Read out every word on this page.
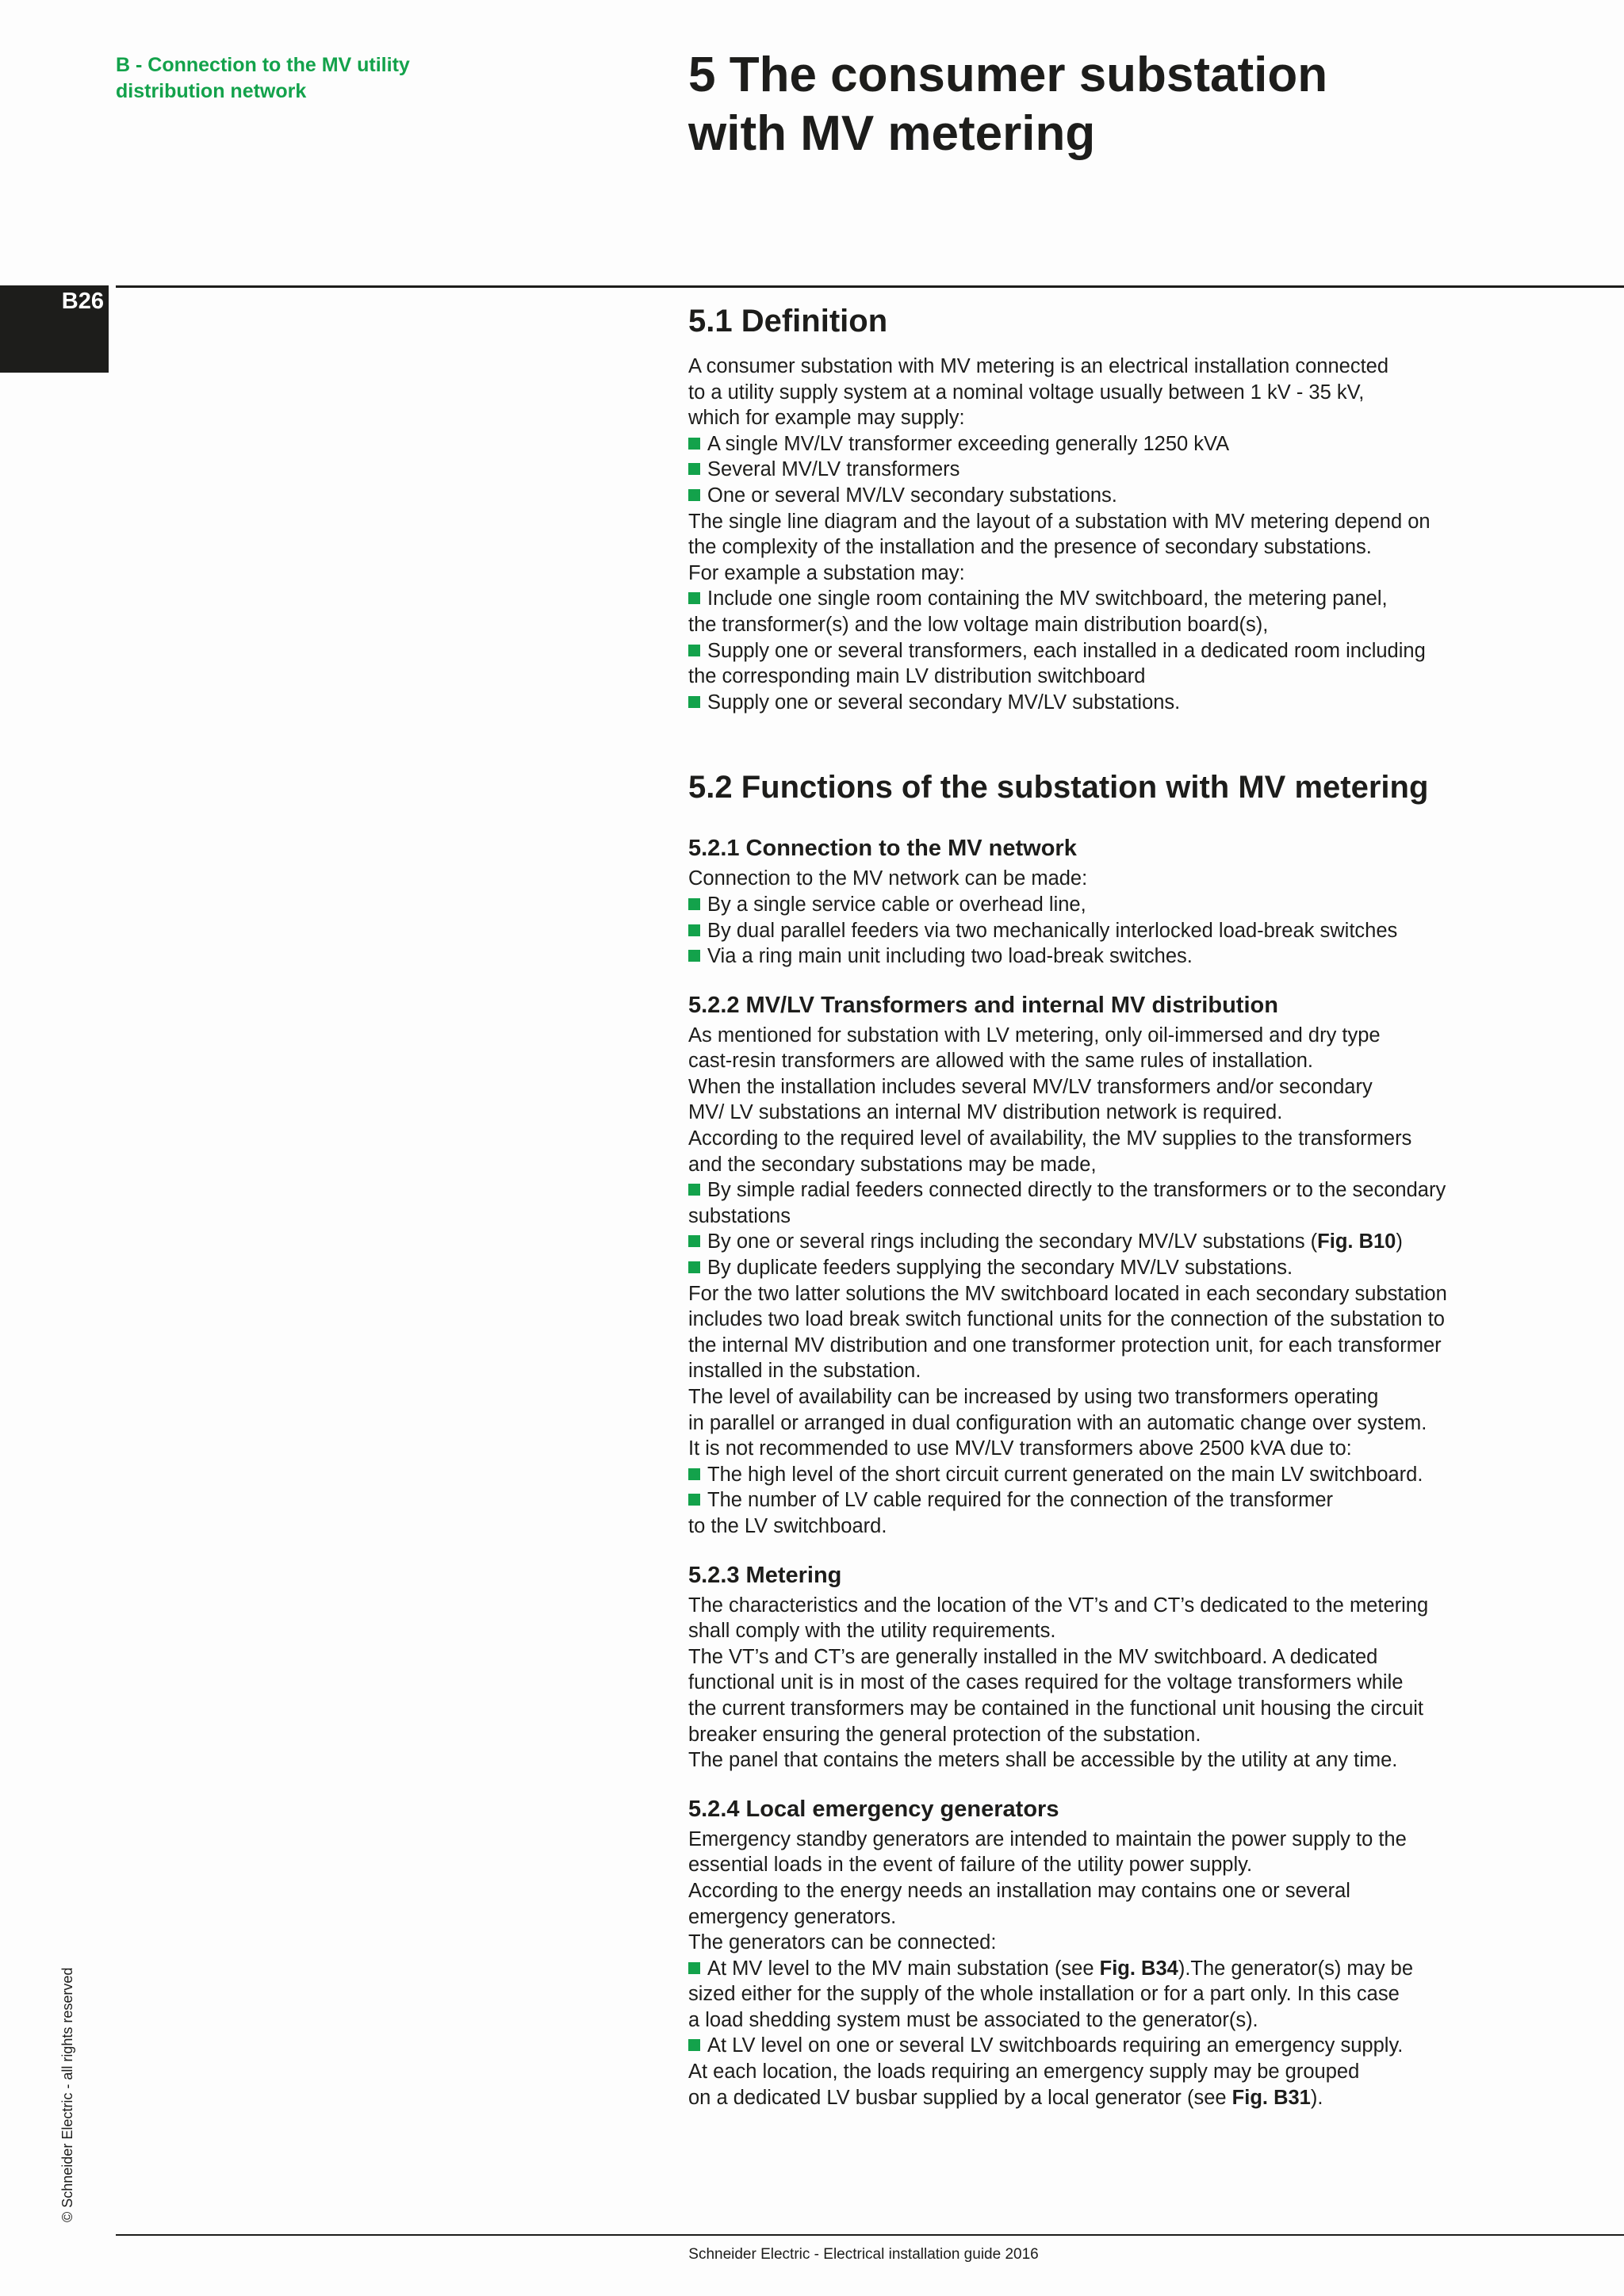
B - Connection to the MV utility distribution network	5 The consumer substation
with MV metering
B26
© Schneider Electric - all rights reserved
5.1 Definition
A consumer substation with MV metering is an electrical installation connected
to a utility supply system at a nominal voltage usually between 1 kV - 35 kV,
which for example may supply:
A single MV/LV transformer exceeding generally 1250 kVA
Several MV/LV transformers
One or several MV/LV secondary substations.
The single line diagram and the layout of a substation with MV metering depend on
the complexity of the installation and the presence of secondary substations.
For example a substation may:
Include one single room containing the MV switchboard, the metering panel,
the transformer(s) and the low voltage main distribution board(s),
Supply one or several transformers, each installed in a dedicated room including
the corresponding main LV distribution switchboard
Supply one or several secondary MV/LV substations.
5.2 Functions of the substation with MV metering
5.2.1 Connection to the MV network
Connection to the MV network can be made:
By a single service cable or overhead line,
By dual parallel feeders via two mechanically interlocked load-break switches
Via a ring main unit including two load-break switches.
5.2.2 MV/LV Transformers and internal MV distribution
As mentioned for substation with LV metering, only oil-immersed and dry type
cast-resin transformers are allowed with the same rules of installation.
When the installation includes several MV/LV transformers and/or secondary
MV/ LV substations an internal MV distribution network is required.
According to the required level of availability, the MV supplies to the transformers
and the secondary substations may be made,
By simple radial feeders connected directly to the transformers or to the secondary
substations
By one or several rings including the secondary MV/LV substations (Fig. B10)
By duplicate feeders supplying the secondary MV/LV substations.
For the two latter solutions the MV switchboard located in each secondary substation
includes two load break switch functional units for the connection of the substation to
the internal MV distribution and one transformer protection unit, for each transformer
installed in the substation.
The level of availability can be increased by using two transformers operating
in parallel or arranged in dual configuration with an automatic change over system.
It is not recommended to use MV/LV transformers above 2500 kVA due to:
The high level of the short circuit current generated on the main LV switchboard.
The number of LV cable required for the connection of the transformer
to the LV switchboard.
5.2.3 Metering
The characteristics and the location of the VT’s and CT’s dedicated to the metering
shall comply with the utility requirements.
The VT’s and CT’s are generally installed in the MV switchboard. A dedicated
functional unit is in most of the cases required for the voltage transformers while
the current transformers may be contained in the functional unit housing the circuit
breaker ensuring the general protection of the substation.
The panel that contains the meters shall be accessible by the utility at any time.
5.2.4 Local emergency generators
Emergency standby generators are intended to maintain the power supply to the
essential loads in the event of failure of the utility power supply.
According to the energy needs an installation may contains one or several
emergency generators.
The generators can be connected:
At MV level to the MV main substation (see Fig. B34).The generator(s) may be
sized either for the supply of the whole installation or for a part only. In this case
a load shedding system must be associated to the generator(s).
At LV level on one or several LV switchboards requiring an emergency supply.
At each location, the loads requiring an emergency supply may be grouped
on a dedicated LV busbar supplied by a local generator (see Fig. B31).
Schneider Electric - Electrical installation guide 2016
